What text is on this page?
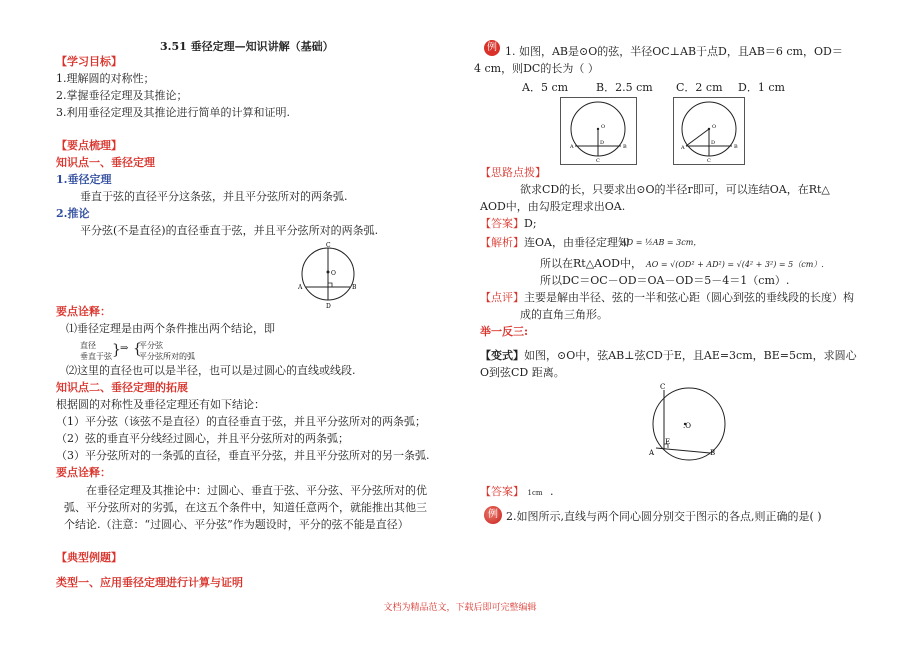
3.51 垂径定理—知识讲解（基础）
【学习目标】
1.理解圆的对称性；
2.掌握垂径定理及其推论；
3.利用垂径定理及其推论进行简单的计算和证明.
【要点梳理】
知识点一、垂径定理
1.垂径定理
垂直于弦的直径平分这条弦，并且平分弦所对的两条弧.
2.推论
平分弦(不是直径)的直径垂直于弦，并且平分弦所对的两条弧.
C
O
A	B
D
要点诠释：
⑴垂径定理是由两个条件推出两个结论，即
直径
垂直于弦 } ⇒ {
平分弦
平分弦所对的弧
⑵这里的直径也可以是半径，也可以是过圆心的直线或线段.
知识点二、垂径定理的拓展
根据圆的对称性及垂径定理还有如下结论：
（1）平分弦（该弦不是直径）的直径垂直于弦，并且平分弦所对的两条弧；
（2）弦的垂直平分线经过圆心，并且平分弦所对的两条弧；
（3）平分弦所对的一条弧的直径，垂直平分弦，并且平分弦所对的另一条弧.
要点诠释：
在垂径定理及其推论中：过圆心、垂直于弦、平分弦、平分弦所对的优
弧、平分弦所对的劣弧，在这五个条件中，知道任意两个，就能推出其他三
个结论.（注意：“过圆心、平分弦”作为题设时，平分的弦不能是直径）
【典型例题】
类型一、应用垂径定理进行计算与证明
例 1. 如图，AB是⊙O的弦，半径OC⊥AB于点D，且AB＝6 cm，OD＝
4 cm，则DC的长为（ ）
A．5 cm	B．2.5 cm C．2 cm D．1 cm
O
A	B
D
C
O
A	B
D
C
【思路点拨】
欲求CD的长，只要求出⊙O的半径r即可，可以连结OA，在Rt△
AOD中，由勾股定理求出OA.
【答案】D;
【解析】连OA，由垂径定理知
AD = ½AB = 3cm，
所以在Rt△AOD中， AO = √(OD² + AD²) = √(4² + 3²) = 5（cm）.
所以DC＝OC－OD＝OA－OD＝5－4＝1（cm）.
【点评】主要是解由半径、弦的一半和弦心距（圆心到弦的垂线段的长度）构
成的直角三角形。
举一反三:
【变式】如图，⊙O中，弦AB⊥弦CD于E，且AE=3cm，BE=5cm，求圆心
O到弦CD 距离。
C
.O
E
A	B
【答案】 1cm .
例 2.如图所示,直线与两个同心圆分别交于图示的各点,则正确的是( )
文档为精品范文，下载后即可完整编辑
